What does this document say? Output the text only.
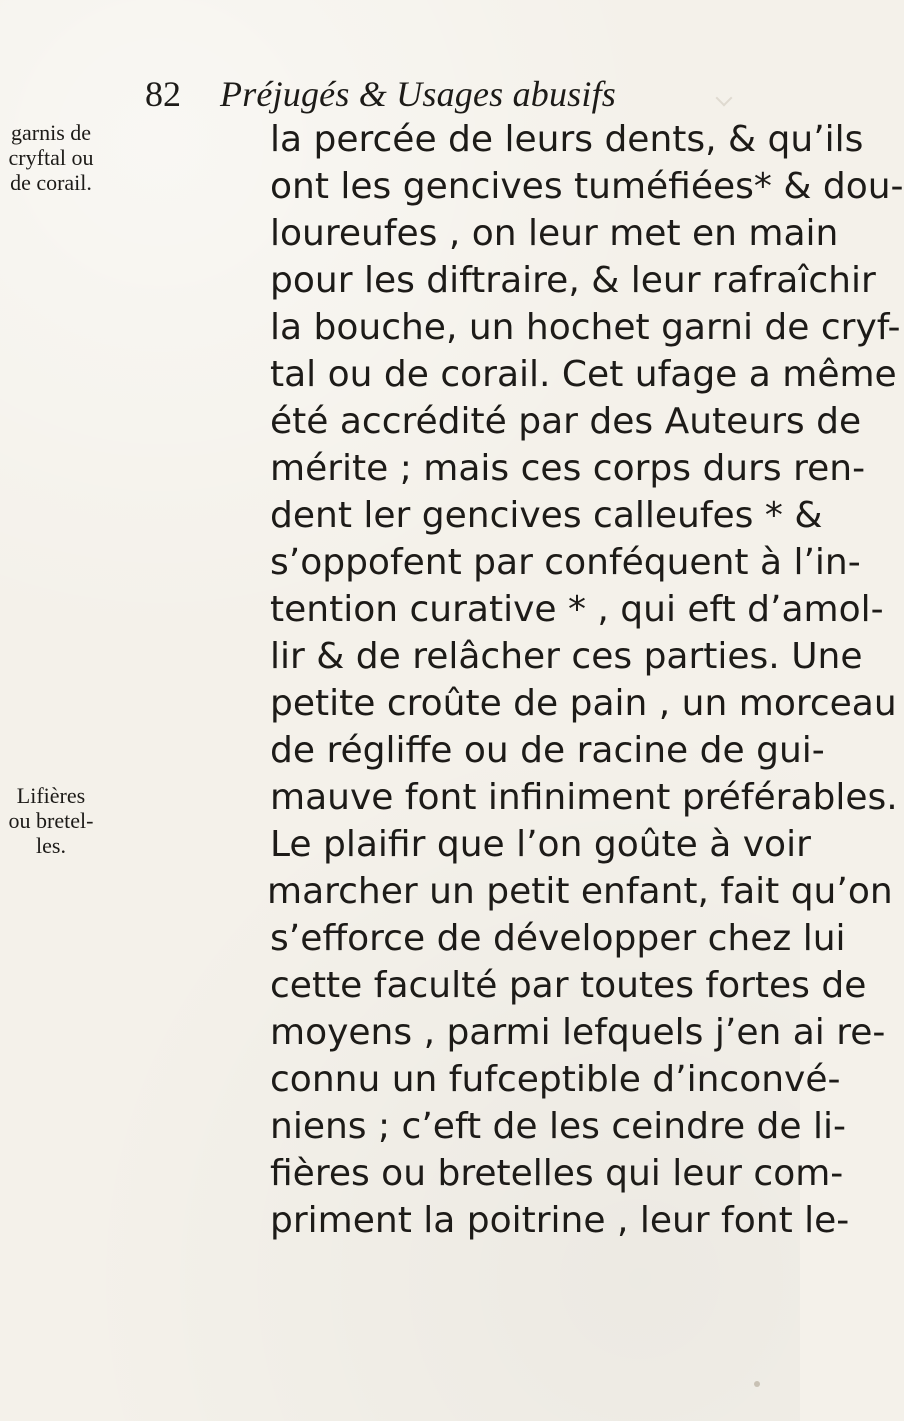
82 Préjugés & Usages abusifs
garnis de
cryftal ou
de corail.
Lifières
ou bretel-
les.
la percée de leurs dents, & qu’ils
ont les gencives tuméfiées* & dou-
loureufes , on leur met en main
pour les diftraire, & leur rafraîchir
la bouche, un hochet garni de cryf-
tal ou de corail. Cet ufage a même
été accrédité par des Auteurs de
mérite ; mais ces corps durs ren-
dent ler gencives calleufes * &
s’oppofent par conféquent à l’in-
tention curative * , qui eft d’amol-
lir & de relâcher ces parties. Une
petite croûte de pain , un morceau
de régliffe ou de racine de gui-
mauve font infiniment préférables.
Le plaifir que l’on goûte à voir
marcher un petit enfant, fait qu’on
s’efforce de développer chez lui
cette faculté par toutes fortes de
moyens , parmi lefquels j’en ai re-
connu un fufceptible d’inconvé-
niens ; c’eft de les ceindre de li-
fières ou bretelles qui leur com-
priment la poitrine , leur font le-
